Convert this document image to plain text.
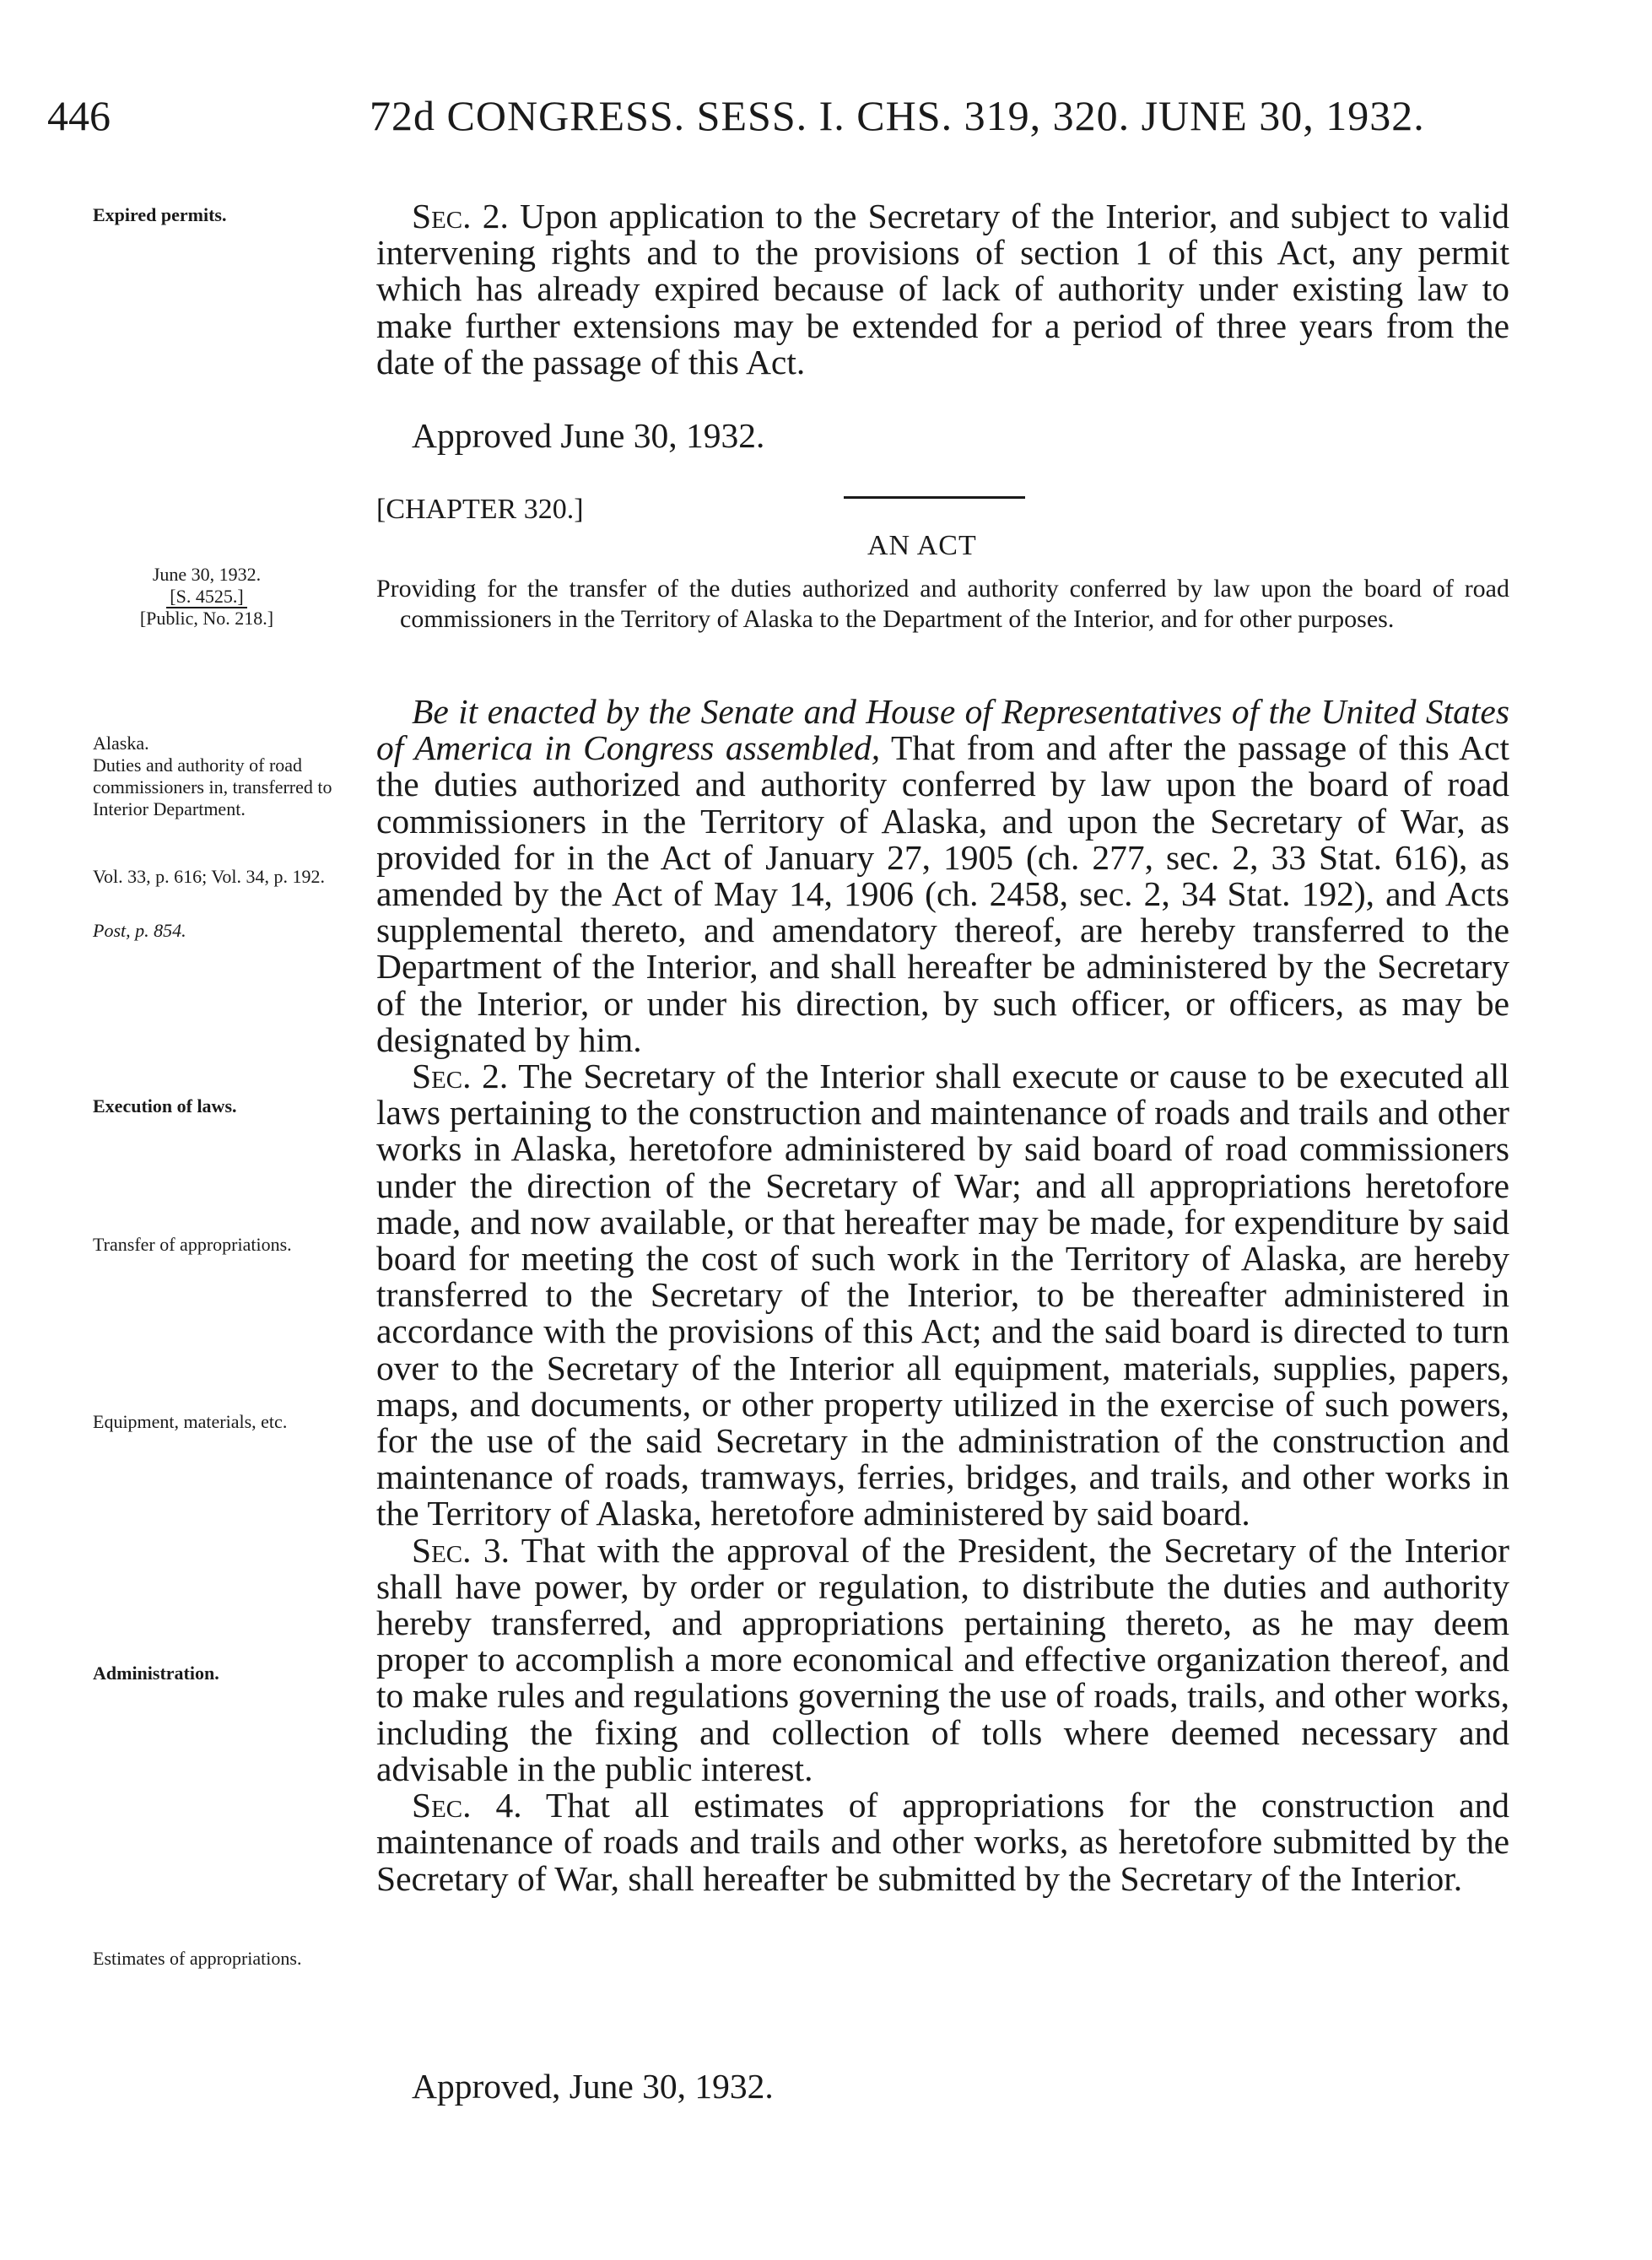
446	72d CONGRESS. SESS. I. CHS. 319, 320. JUNE 30, 1932.
Expired permits.	Sec. 2. Upon application to the Secretary of the Interior, and subject to valid intervening rights and to the provisions of section 1 of this Act, any permit which has already expired because of lack of authority under existing law to make further extensions may be extended for a period of three years from the date of the passage of this Act.

Approved June 30, 1932.
[CHAPTER 320.]
AN ACT
June 30, 1932.
[S. 4525.]
[Public, No. 218.]

Providing for the transfer of the duties authorized and authority conferred by law upon the board of road commissioners in the Territory of Alaska to the Department of the Interior, and for other purposes.

Alaska.
Duties and authority of road commissioners in, transferred to Interior Department.
Vol. 33, p. 616; Vol. 34, p. 192.
Post, p. 854.
Execution of laws.
Transfer of appropriations.
Equipment, materials, etc.
Administration.
Estimates of appropriations.

Be it enacted by the Senate and House of Representatives of the United States of America in Congress assembled, That from and after the passage of this Act the duties authorized and authority conferred by law upon the board of road commissioners in the Territory of Alaska, and upon the Secretary of War, as provided for in the Act of January 27, 1905 (ch. 277, sec. 2, 33 Stat. 616), as amended by the Act of May 14, 1906 (ch. 2458, sec. 2, 34 Stat. 192), and Acts supplemental thereto, and amendatory thereof, are hereby transferred to the Department of the Interior, and shall hereafter be administered by the Secretary of the Interior, or under his direction, by such officer, or officers, as may be designated by him.

Sec. 2. The Secretary of the Interior shall execute or cause to be executed all laws pertaining to the construction and maintenance of roads and trails and other works in Alaska, heretofore administered by said board of road commissioners under the direction of the Secretary of War; and all appropriations heretofore made, and now available, or that hereafter may be made, for expenditure by said board for meeting the cost of such work in the Territory of Alaska, are hereby transferred to the Secretary of the Interior, to be thereafter administered in accordance with the provisions of this Act; and the said board is directed to turn over to the Secretary of the Interior all equipment, materials, supplies, papers, maps, and documents, or other property utilized in the exercise of such powers, for the use of the said Secretary in the administration of the construction and maintenance of roads, tramways, ferries, bridges, and trails, and other works in the Territory of Alaska, heretofore administered by said board.

Sec. 3. That with the approval of the President, the Secretary of the Interior shall have power, by order or regulation, to distribute the duties and authority hereby transferred, and appropriations pertaining thereto, as he may deem proper to accomplish a more economical and effective organization thereof, and to make rules and regulations governing the use of roads, trails, and other works, including the fixing and collection of tolls where deemed necessary and advisable in the public interest.

Sec. 4. That all estimates of appropriations for the construction and maintenance of roads and trails and other works, as heretofore submitted by the Secretary of War, shall hereafter be submitted by the Secretary of the Interior.

Approved, June 30, 1932.
